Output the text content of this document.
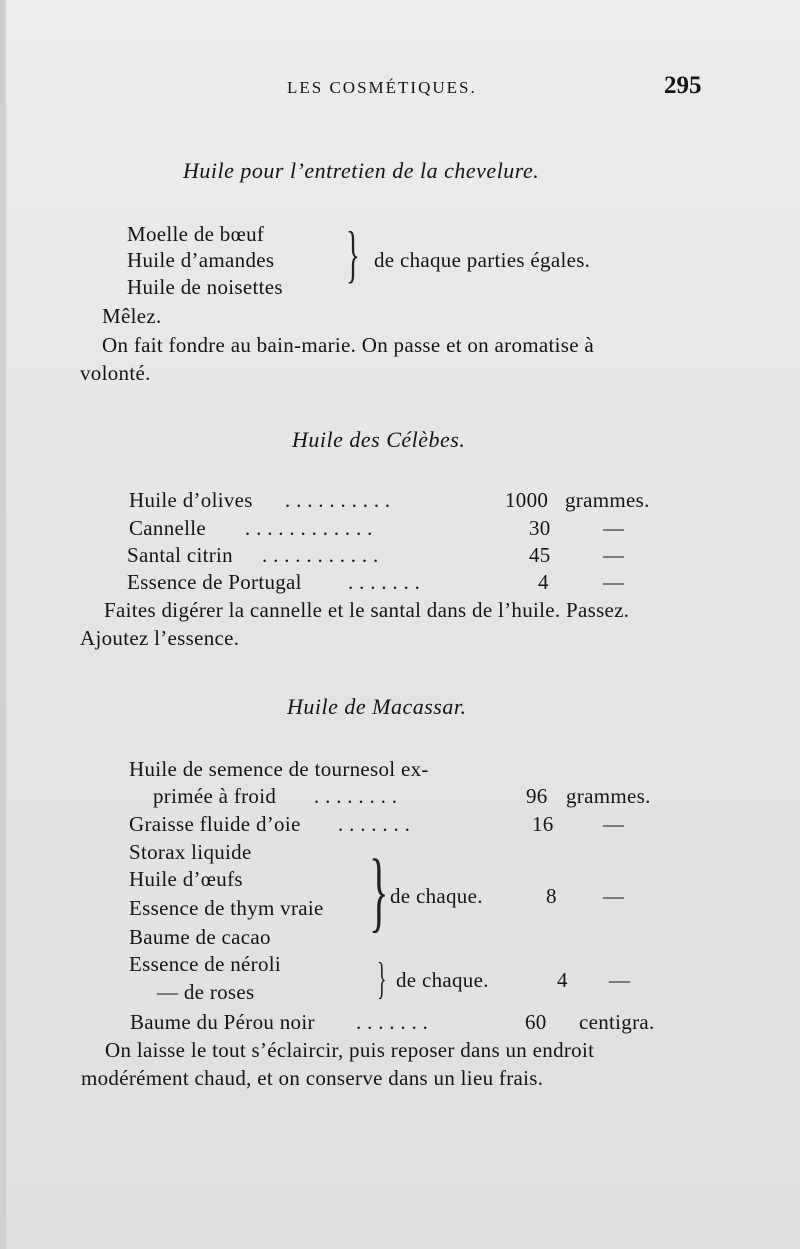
LES COSMÉTIQUES.	295
Huile pour l’entretien de la chevelure.
Moelle de bœuf
Huile d’amandes
Huile de noisettes } de chaque parties égales.
Mêlez.
On fait fondre au bain-marie. On passe et on aromatise à
volonté.
Huile des Célèbes.
Huile d’olives . . . . . . . . . .	1000 grammes.
Cannelle . . . . . . . . . . . .	30 —
Santal citrin . . . . . . . . . . .	45 —
Essence de Portugal . . . . . . .	4	—
Faites digérer la cannelle et le santal dans de l’huile. Passez.
Ajoutez l’essence.
Huile de Macassar.
Huile de semence de tournesol ex-
primée à froid . . . . . . . .	96 grammes.
Graisse fluide d’oie . . . . . . .	16 —
Storax liquide
Huile d’œufs
Essence de thym vraie
Baume de cacao } de chaque.	8 —
Essence de néroli
— de roses	} de chaque.	4 —
Baume du Pérou noir . . . . . . .	60 centigra.
On laisse le tout s’éclaircir, puis reposer dans un endroit
modérément chaud, et on conserve dans un lieu frais.
